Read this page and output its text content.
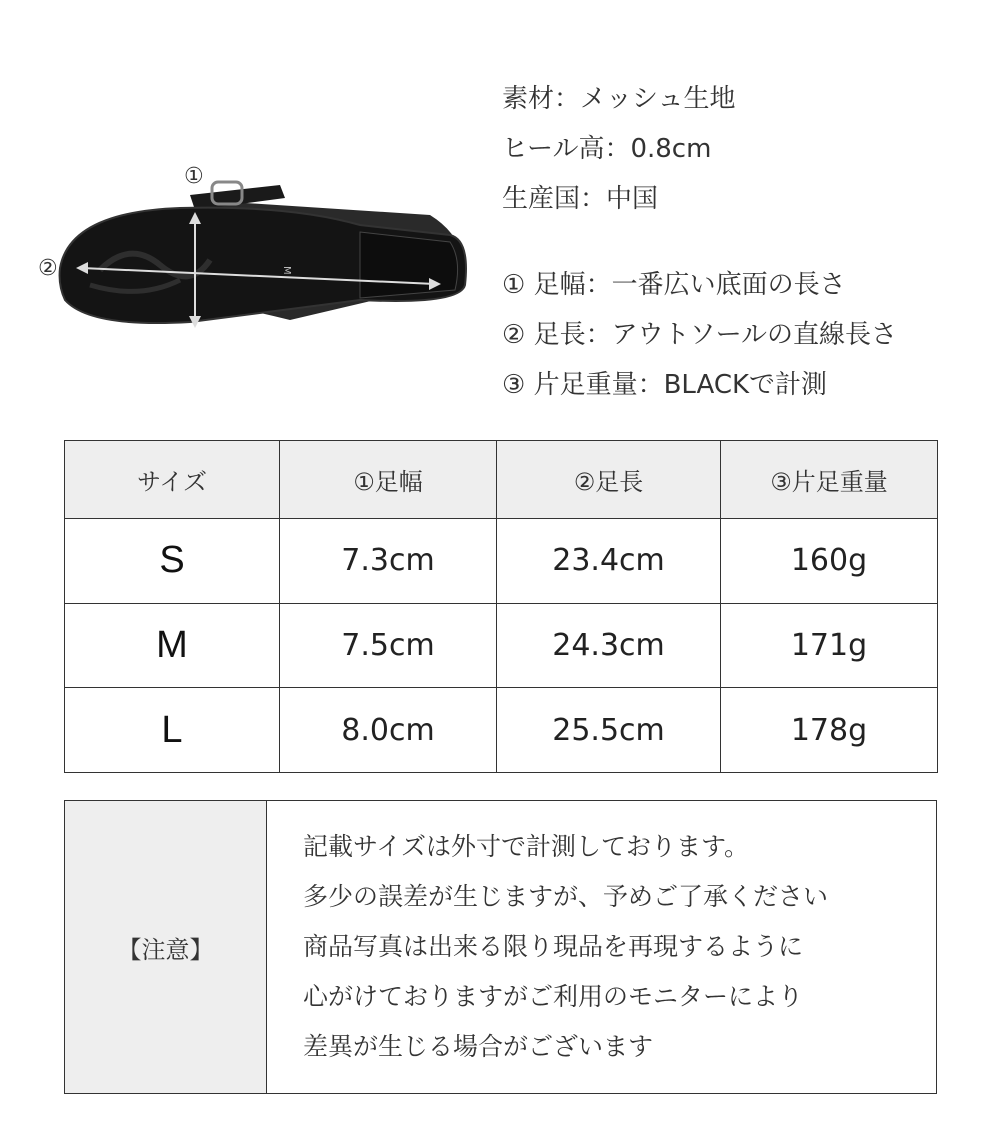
M
①
②
素材：メッシュ生地
ヒール高：0.8cm
生産国：中国
① 足幅：一番広い底面の長さ
② 足長：アウトソールの直線長さ
③ 片足重量：BLACKで計測
サイズ	①足幅	②足長	③片足重量
S	7.3cm	23.4cm	160g
M	7.5cm	24.3cm	171g
L	8.0cm	25.5cm	178g
【注意】	
記載サイズは外寸で計測しております。
多少の誤差が生じますが、予めご了承ください
商品写真は出来る限り現品を再現するように
心がけておりますがご利用のモニターにより
差異が生じる場合がございます
